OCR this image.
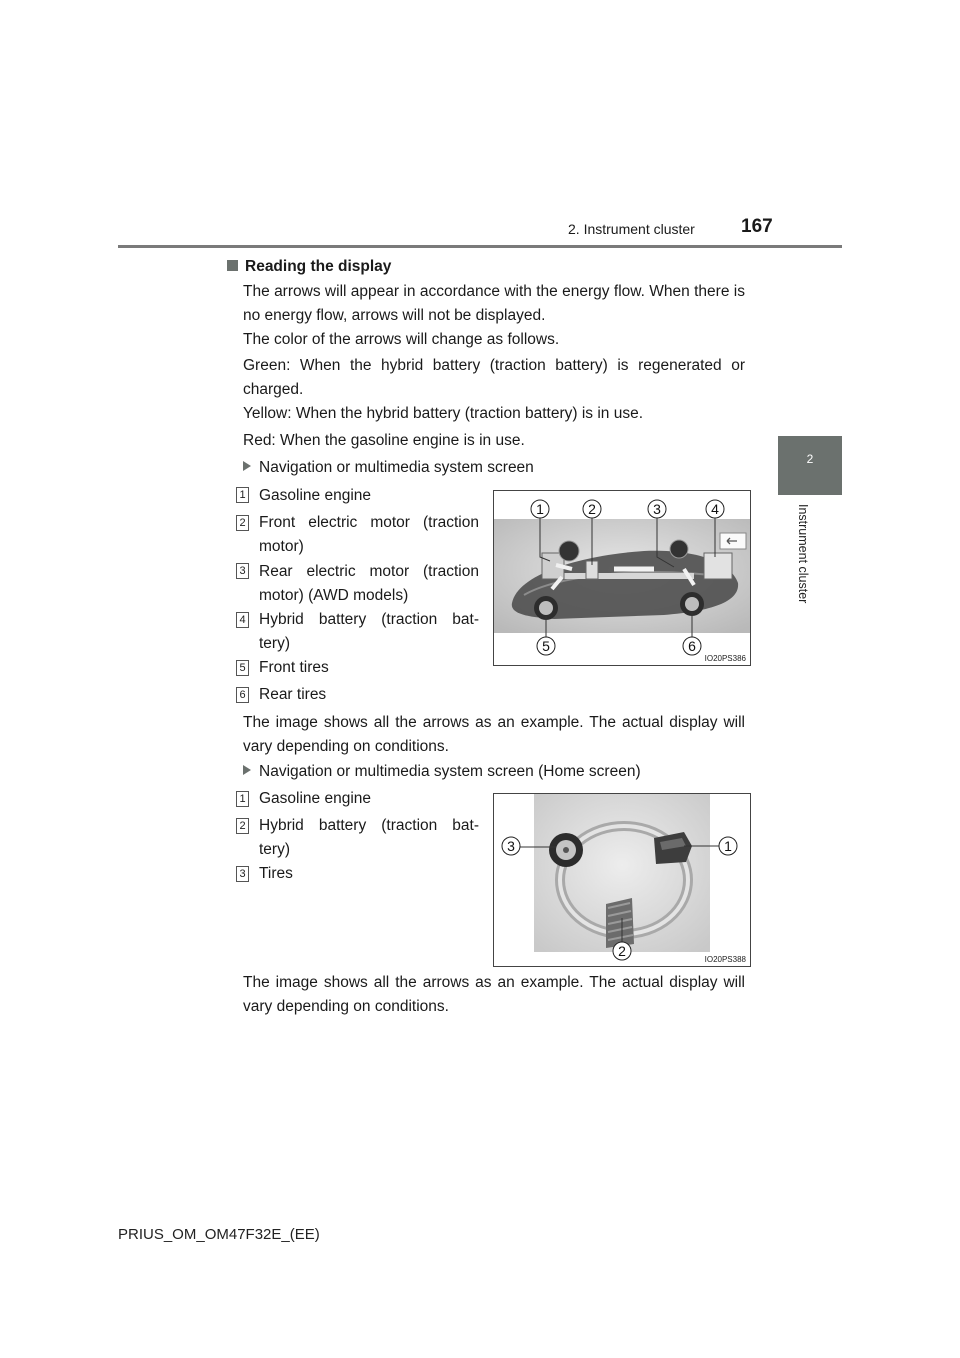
2. Instrument cluster 167
2
Instrument cluster
Reading the display
The arrows will appear in accordance with the energy flow. When there is no energy flow, arrows will not be displayed.
The color of the arrows will change as follows.
Green: When the hybrid battery (traction battery) is regenerated or charged.
Yellow: When the hybrid battery (traction battery) is in use.
Red: When the gasoline engine is in use.
Navigation or multimedia system screen
1 Gasoline engine
2 Front electric motor (traction
motor)
3 Rear electric motor (traction
motor) (AWD models)
4 Hybrid battery (traction bat-
tery)
5 Front tires
6 Rear tires
1	2	3	4
5	6
IO20PS386
The image shows all the arrows as an example. The actual display will vary depending on conditions.
Navigation or multimedia system screen (Home screen)
1 Gasoline engine
2 Hybrid battery (traction bat-
tery)
3 Tires
3	1
2
IO20PS388
The image shows all the arrows as an example. The actual display will vary depending on conditions.
PRIUS_OM_OM47F32E_(EE)
